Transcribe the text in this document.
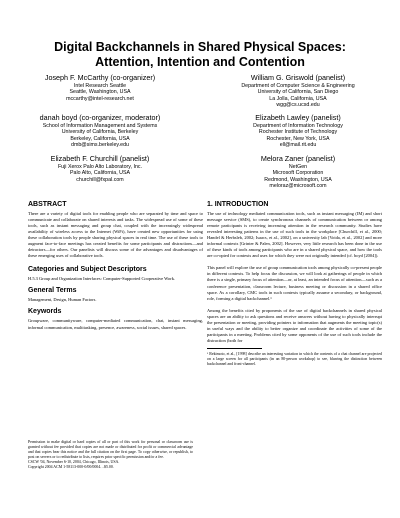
Digital Backchannels in Shared Physical Spaces:
Attention, Intention and Contention
Joseph F. McCarthy (co-organizer)
Intel Research Seattle
Seattle, Washington, USA
mccarthy@intel-research.net
William G. Griswold (panelist)
Department of Computer Science & Engineering
University of California, San Diego
La Jolla, California, USA
wgg@cs.ucsd.edu
danah boyd (co-organizer, moderator)
School of Information Management and Systems
University of California, Berkeley
Berkeley, California, USA
dmb@sims.berkeley.edu
Elizabeth Lawley (panelist)
Department of Information Technology
Rochester Institute of Technology
Rochester, New York, USA
ell@mail.rit.edu
Elizabeth F. Churchill (panelist)
Fuji Xerox Palo Alto Laboratory, Inc.
Palo Alto, California, USA
churchill@fxpal.com
Melora Zaner (panelist)
NetGen
Microsoft Corporation
Redmond, Washington, USA
meloraz@microsoft.com
ABSTRACT
There are a variety of digital tools for enabling people who are separated by time and space to communicate and collaborate on shared interests and tasks. The widespread use of some of these tools, such as instant messaging and group chat, coupled with the increasingly widespread availability of wireless access to the Internet (WiFi), have created new opportunities for using these collaboration tools by people sharing physical spaces in real time. The use of these tools to augment face-to-face meetings has created benefits for some participants and distractions—and detractors—for others. Our panelists will discuss some of the advantages and disadvantages of these emerging uses of collaborative tools.
Categories and Subject Descriptors
H.5.3 Group and Organization Interfaces: Computer-Supported Cooperative Work.
General Terms
Management, Design, Human Factors.
Keywords
Groupware, communityware, computer-mediated communication, chat, instant messaging, informal communication, multitasking, presence, awareness, social issues, shared spaces.
Permission to make digital or hard copies of all or part of this work for personal or classroom use is granted without fee provided that copies are not made or distributed for profit or commercial advantage and that copies bear this notice and the full citation on the first page. To copy otherwise, or republish, to post on servers or to redistribute to lists, requires prior specific permission and/or a fee.
CSCW '04, November 6-10, 2004, Chicago, Illinois, USA.
Copyright 2004 ACM 1-58113-000-0/00/0004…$5.00.
1. INTRODUCTION
The use of technology mediated communication tools, such as instant messaging (IM) and short message service (SMS), to create synchronous channels of communication between or among remote participants is receiving increasing attention in the research community. Studies have revealed interesting patterns in the use of such tools in the workplace [Churchill, et al., 2000; Handel & Herbsleb, 2002; Isaacs, et al., 2002], on a university lab [Voida, et al., 2002] and more informal contexts [Grinter & Palen, 2002]. However, very little research has been done in the use of these kinds of tools among participants who are in a shared physical space, and how the tools are co-opted for contexts and uses for which they were not originally intended (cf. boyd [2004]).
This panel will explore the use of group communication tools among physically co-present people in different contexts. To help focus the discussion, we will look at gatherings of people in which there is a single, primary focus of attention—or, at least, an intended focus of attention—such as a conference presentation, classroom lecture, business meeting or discussion in a shared office space. As a corollary, CMC tools in such contexts typically assume a secondary, or background, role, forming a digital backchannel.¹
Among the benefits cited by proponents of the use of digital backchannels in shared physical spaces are an ability to ask questions and receive answers without having to physically interrupt the presentation or meeting, providing pointers to information that augments the meeting topic(s) in useful ways and the ability to better organize and coordinate the activities of some of the participants in a meeting. Problems cited by some opponents of the use of such tools include the distraction (both for
¹ Rekimoto, et al., [1998] describe an interesting variation in which the contents of a chat channel are projected on a large screen for all participants (in an 80-person workshop) to see, blurring the distinction between backchannel and front-channel.
